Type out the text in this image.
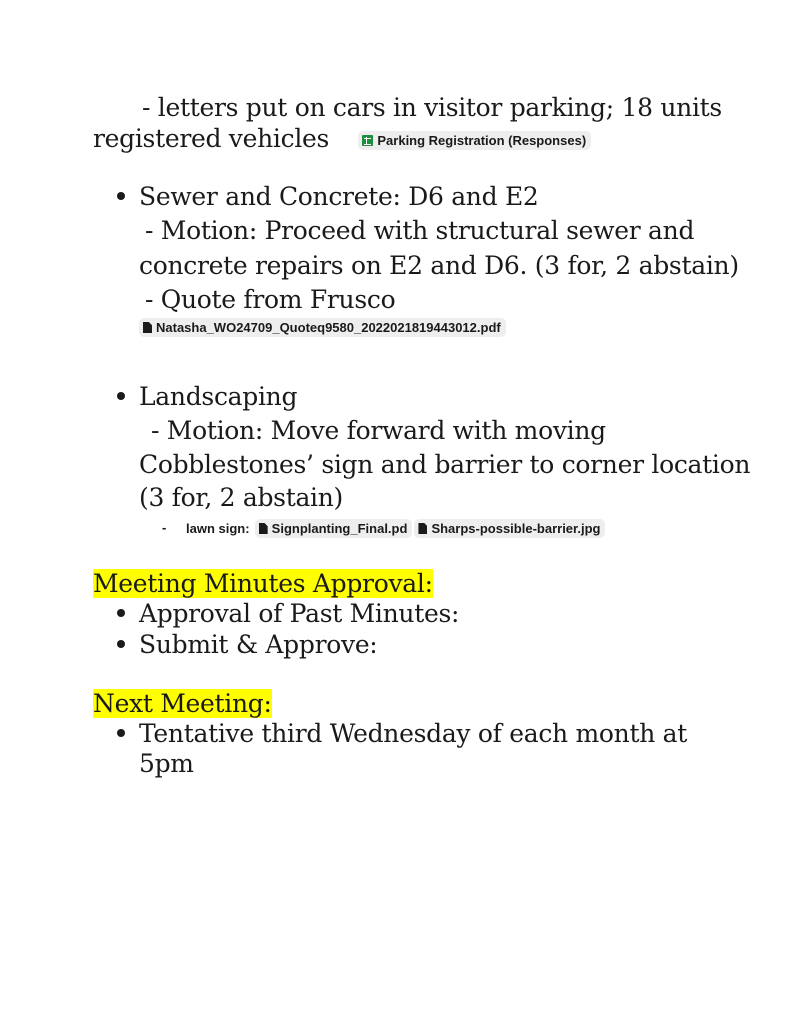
- letters put on cars in visitor parking; 18 units
registered vehicles	Parking Registration (Responses)
Sewer and Concrete: D6 and E2
- Motion: Proceed with structural sewer and
concrete repairs on E2 and D6. (3 for, 2 abstain)
- Quote from Frusco
Natasha_WO24709_Quoteq9580_2022021819443012.pdf
Landscaping
- Motion: Move forward with moving
Cobblestones’ sign and barrier to corner location
(3 for, 2 abstain)
- lawn sign: Signplanting_Final.pd Sharps-possible-barrier.jpg
Meeting Minutes Approval:
Approval of Past Minutes:
Submit & Approve:
Next Meeting:
Tentative third Wednesday of each month at
5pm
